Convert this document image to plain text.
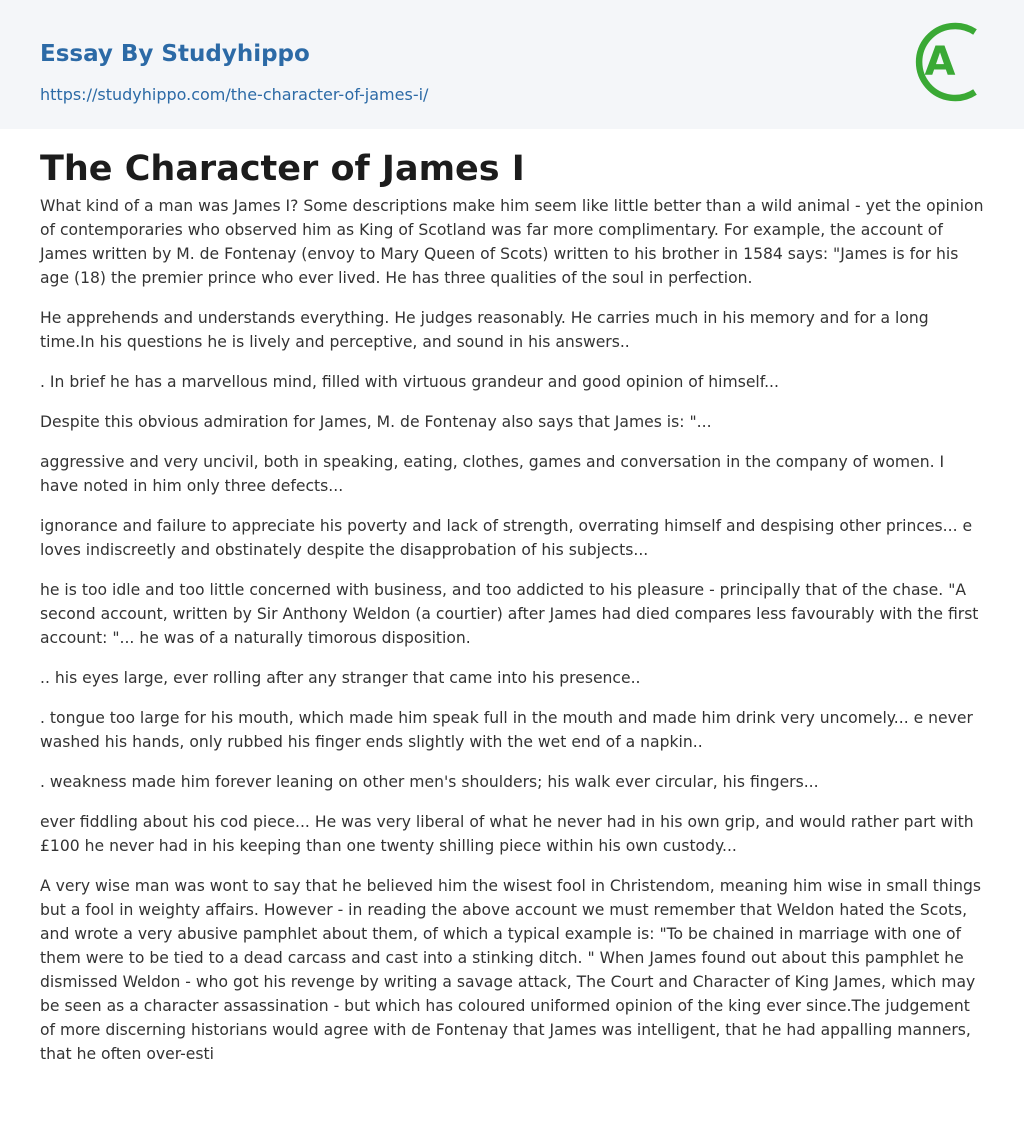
Essay By Studyhippo
https://studyhippo.com/the-character-of-james-i/
A
The Character of James I

What kind of a man was James I? Some descriptions make him seem like little better than a wild animal - yet the opinion of contemporaries who observed him as King of Scotland was far more complimentary. For example, the account of James written by M. de Fontenay (envoy to Mary Queen of Scots) written to his brother in 1584 says: "James is for his age (18) the premier prince who ever lived. He has three qualities of the soul in perfection.

He apprehends and understands everything. He judges reasonably. He carries much in his memory and for a long time.In his questions he is lively and perceptive, and sound in his answers..

. In brief he has a marvellous mind, filled with virtuous grandeur and good opinion of himself...

Despite this obvious admiration for James, M. de Fontenay also says that James is: "...

aggressive and very uncivil, both in speaking, eating, clothes, games and conversation in the company of women. I have noted in him only three defects...

ignorance and failure to appreciate his poverty and lack of strength, overrating himself and despising other princes... e loves indiscreetly and obstinately despite the disapprobation of his subjects...

he is too idle and too little concerned with business, and too addicted to his pleasure - principally that of the chase. "A second account, written by Sir Anthony Weldon (a courtier) after James had died compares less favourably with the first account: "... he was of a naturally timorous disposition.

.. his eyes large, ever rolling after any stranger that came into his presence..

. tongue too large for his mouth, which made him speak full in the mouth and made him drink very uncomely... e never washed his hands, only rubbed his finger ends slightly with the wet end of a napkin..

. weakness made him forever leaning on other men's shoulders; his walk ever circular, his fingers...

ever fiddling about his cod piece... He was very liberal of what he never had in his own grip, and would rather part with £100 he never had in his keeping than one twenty shilling piece within his own custody...

A very wise man was wont to say that he believed him the wisest fool in Christendom, meaning him wise in small things but a fool in weighty affairs. However - in reading the above account we must remember that Weldon hated the Scots, and wrote a very abusive pamphlet about them, of which a typical example is: "To be chained in marriage with one of them were to be tied to a dead carcass and cast into a stinking ditch. " When James found out about this pamphlet he dismissed Weldon - who got his revenge by writing a savage attack, The Court and Character of King James, which may be seen as a character assassination - but which has coloured uniformed opinion of the king ever since.The judgement of more discerning historians would agree with de Fontenay that James was intelligent, that he had appalling manners, that he often over-esti
